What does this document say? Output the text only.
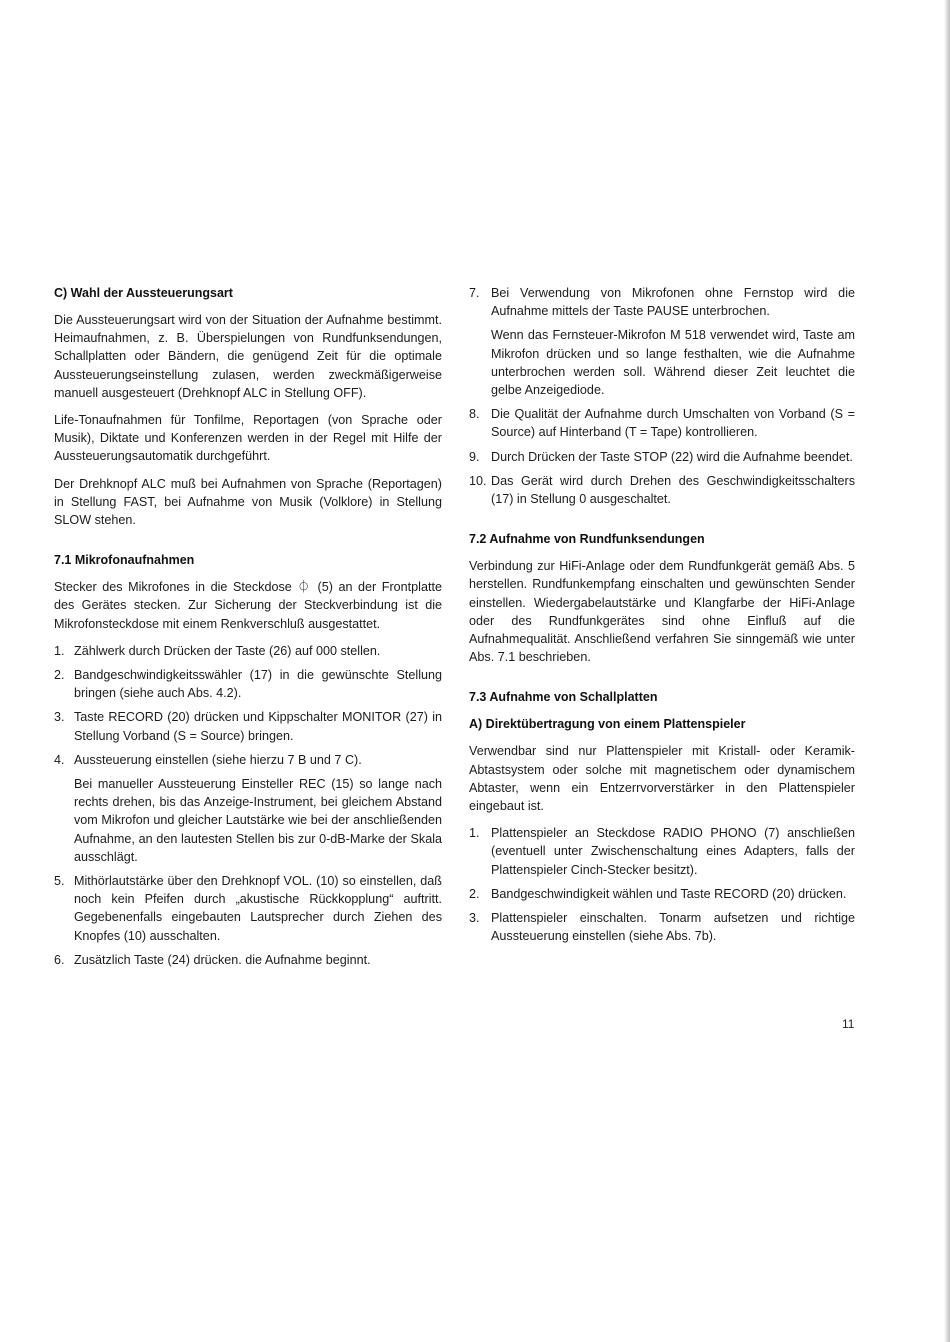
C) Wahl der Aussteuerungsart

Die Aussteuerungsart wird von der Situation der Aufnahme bestimmt. Heimaufnahmen, z. B. Überspielungen von Rundfunksendungen, Schallplatten oder Bändern, die genügend Zeit für die optimale Aussteuerungseinstellung zulasen, werden zweckmäßigerweise manuell ausgesteuert (Drehknopf ALC in Stellung OFF).

Life-Tonaufnahmen für Tonfilme, Reportagen (von Sprache oder Musik), Diktate und Konferenzen werden in der Regel mit Hilfe der Aussteuerungsautomatik durchgeführt.

Der Drehknopf ALC muß bei Aufnahmen von Sprache (Reportagen) in Stellung FAST, bei Aufnahme von Musik (Volklore) in Stellung SLOW stehen.

7.1 Mikrofonaufnahmen

Stecker des Mikrofones in die Steckdose ⏀ (5) an der Frontplatte des Gerätes stecken. Zur Sicherung der Steckverbindung ist die Mikrofonsteckdose mit einem Renkverschluß ausgestattet.

1. Zählwerk durch Drücken der Taste (26) auf 000 stellen.
2. Bandgeschwindigkeitsswähler (17) in die gewünschte Stellung bringen (siehe auch Abs. 4.2).
3. Taste RECORD (20) drücken und Kippschalter MONITOR (27) in Stellung Vorband (S = Source) bringen.
4. Aussteuerung einstellen (siehe hierzu 7 B und 7 C).
Bei manueller Aussteuerung Einsteller REC (15) so lange nach rechts drehen, bis das Anzeige-Instrument, bei gleichem Abstand vom Mikrofon und gleicher Lautstärke wie bei der anschließenden Aufnahme, an den lautesten Stellen bis zur 0-dB-Marke der Skala ausschlägt.
5. Mithörlautstärke über den Drehknopf VOL. (10) so einstellen, daß noch kein Pfeifen durch „akustische Rückkopplung“ auftritt. Gegebenenfalls eingebauten Lautsprecher durch Ziehen des Knopfes (10) ausschalten.
6. Zusätzlich Taste (24) drücken. die Aufnahme beginnt.
7. Bei Verwendung von Mikrofonen ohne Fernstop wird die Aufnahme mittels der Taste PAUSE unterbrochen.
Wenn das Fernsteuer-Mikrofon M 518 verwendet wird, Taste am Mikrofon drücken und so lange festhalten, wie die Aufnahme unterbrochen werden soll. Während dieser Zeit leuchtet die gelbe Anzeigediode.
8. Die Qualität der Aufnahme durch Umschalten von Vorband (S = Source) auf Hinterband (T = Tape) kontrollieren.
9. Durch Drücken der Taste STOP (22) wird die Aufnahme beendet.
10. Das Gerät wird durch Drehen des Geschwindigkeitsschalters (17) in Stellung 0 ausgeschaltet.
7.2 Aufnahme von Rundfunksendungen

Verbindung zur HiFi-Anlage oder dem Rundfunkgerät gemäß Abs. 5 herstellen. Rundfunkempfang einschalten und gewünschten Sender einstellen. Wiedergabelautstärke und Klangfarbe der HiFi-Anlage oder des Rundfunkgerätes sind ohne Einfluß auf die Aufnahmequalität. Anschließend verfahren Sie sinngemäß wie unter Abs. 7.1 beschrieben.

7.3 Aufnahme von Schallplatten
A) Direktübertragung von einem Plattenspieler

Verwendbar sind nur Plattenspieler mit Kristall- oder Keramik-Abtastsystem oder solche mit magnetischem oder dynamischem Abtaster, wenn ein Entzerrvorverstärker in den Plattenspieler eingebaut ist.

1. Plattenspieler an Steckdose RADIO PHONO (7) anschließen (eventuell unter Zwischenschaltung eines Adapters, falls der Plattenspieler Cinch-Stecker besitzt).
2. Bandgeschwindigkeit wählen und Taste RECORD (20) drücken.
3. Plattenspieler einschalten. Tonarm aufsetzen und richtige Aussteuerung einstellen (siehe Abs. 7b).
11
